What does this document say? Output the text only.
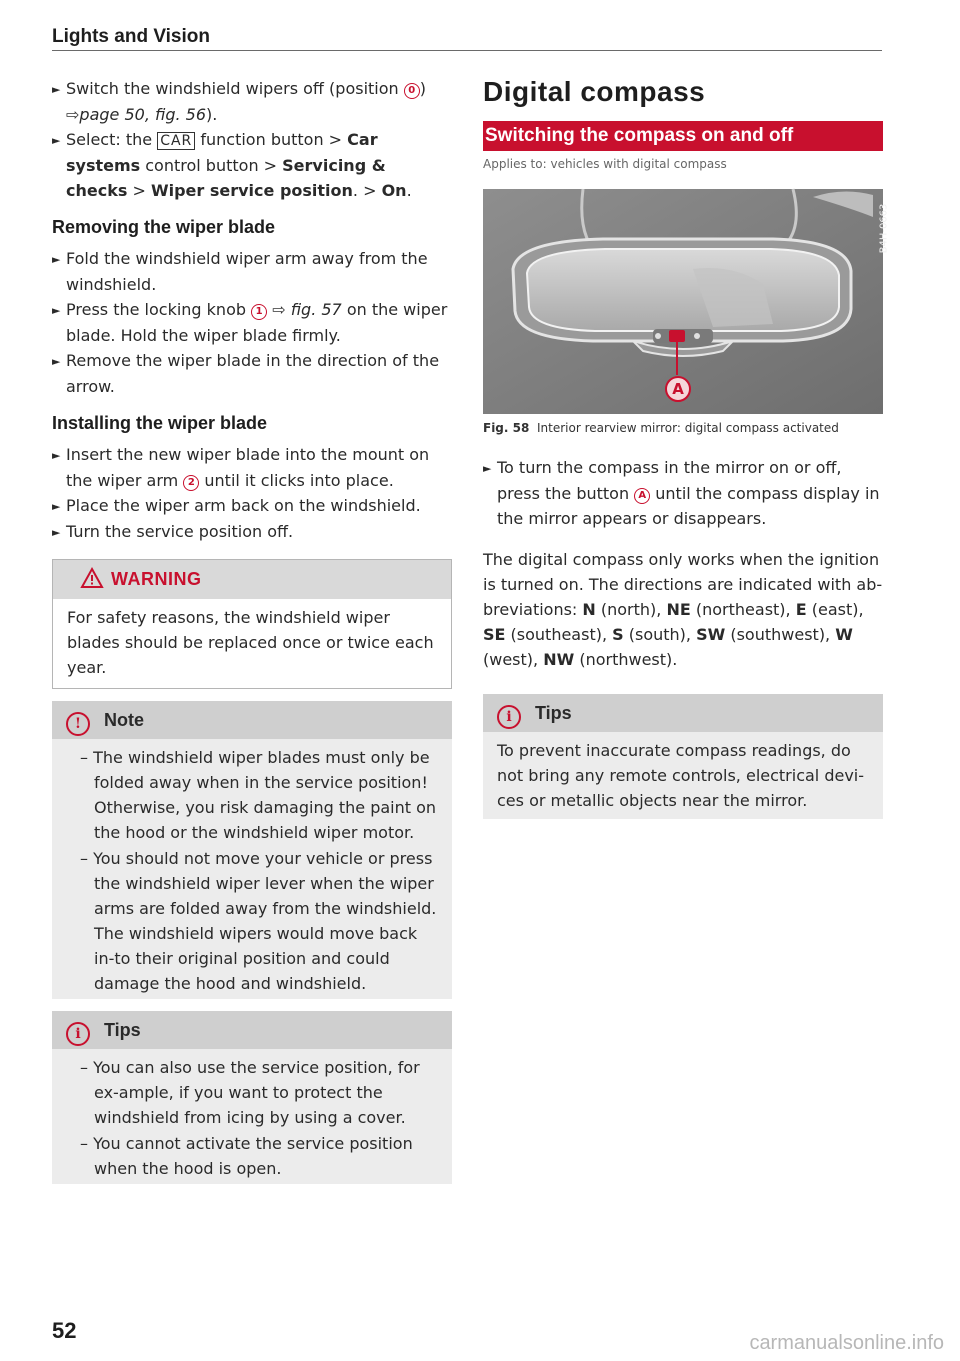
Lights and Vision

► Switch the windshield wipers off (position 0 ) ⇨page 50, fig. 56).

► Select: the CAR function button > Car systems control button > Servicing & checks > Wiper service position. > On.

Removing the wiper blade

► Fold the windshield wiper arm away from the windshield.

► Press the locking knob 1 ⇨ fig. 57 on the wiper blade. Hold the wiper blade firmly.

► Remove the wiper blade in the direction of the arrow.

Installing the wiper blade

► Insert the new wiper blade into the mount on the wiper arm 2 until it clicks into place.

► Place the wiper arm back on the windshield.

► Turn the service position off.

WARNING
For safety reasons, the windshield wiper blades should be replaced once or twice each year.
! Note

– The windshield wiper blades must only be folded away when in the service position! Otherwise, you risk damaging the paint on the hood or the windshield wiper motor.

– You should not move your vehicle or press the windshield wiper lever when the wiper arms are folded away from the windshield. The windshield wipers would move back in-to their original position and could damage the hood and windshield.

i Tips

– You can also use the service position, for ex-ample, if you want to protect the windshield from icing by using a cover.

– You cannot activate the service position when the hood is open.

Digital compass
Switching the compass on and off
Applies to: vehicles with digital compass
A
B4H-0663
Fig. 58 Interior rearview mirror: digital compass activated

► To turn the compass in the mirror on or off, press the button A until the compass display in the mirror appears or disappears.

The digital compass only works when the ignition is turned on. The directions are indicated with ab-breviations: N (north), NE (northeast), E (east), SE (southeast), S (south), SW (southwest), W (west), NW (northwest).

i Tips
To prevent inaccurate compass readings, do not bring any remote controls, electrical devi-ces or metallic objects near the mirror.
52	carmanualsonline.info
